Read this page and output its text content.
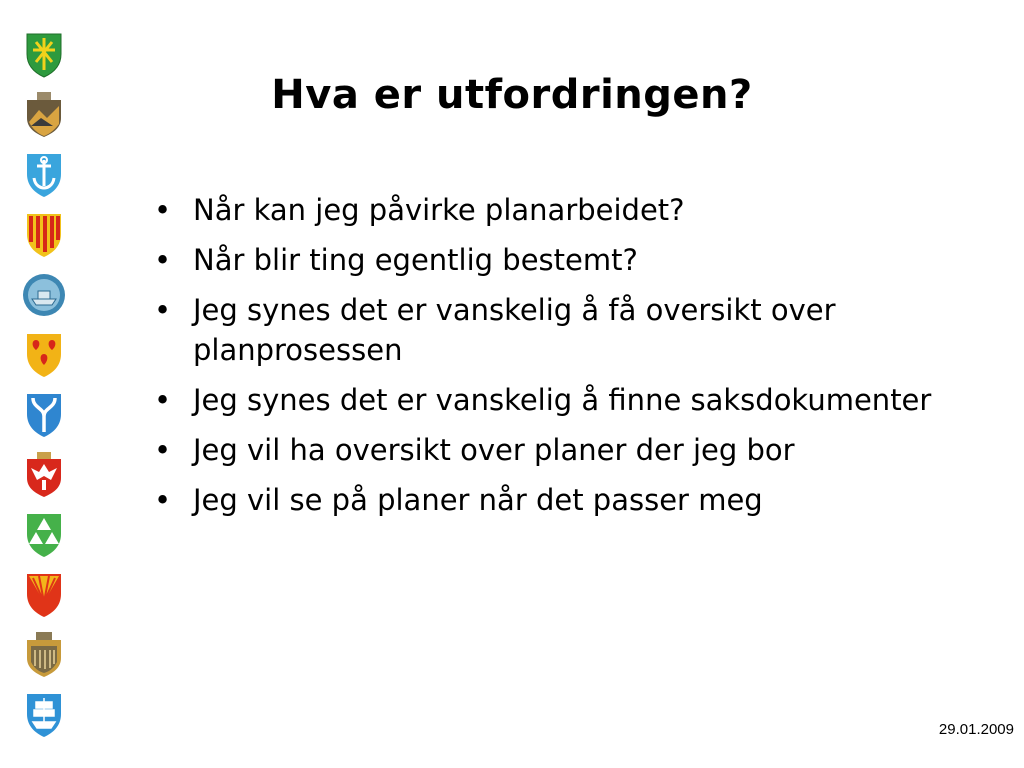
Hva er utfordringen?
• Når kan jeg påvirke planarbeidet?
• Når blir ting egentlig bestemt?
• Jeg synes det er vanskelig å få oversikt over planprosessen
• Jeg synes det er vanskelig å finne saksdokumenter
• Jeg vil ha oversikt over planer der jeg bor
• Jeg vil se på planer når det passer meg
29.01.2009
